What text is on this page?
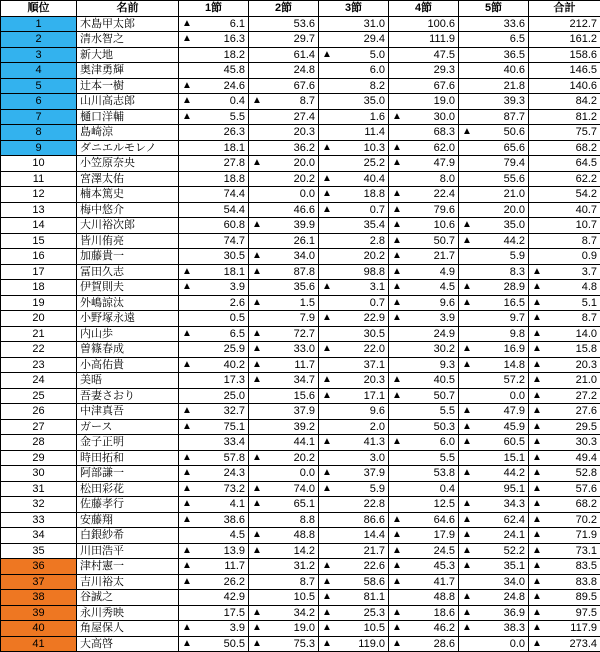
順位	名前	1節	2節	3節	4節	5節	合計
1	木島甲太郎	▲ 6.1	53.6	31.0	100.6	33.6	212.7
2	清水智之	▲ 16.3	29.7	29.4	111.9	6.5	161.2
3	新大地	18.2	61.4	▲ 5.0	47.5	36.5	158.6
4	奥津勇輝	45.8	24.8	6.0	29.3	40.6	146.5
5	辻本一樹	▲ 24.6	67.6	8.2	67.6	21.8	140.6
6	山川高志郎	▲ 0.4	▲ 8.7	35.0	19.0	39.3	84.2
7	樋口洋輔	▲ 5.5	27.4	1.6	▲ 30.0	87.7	81.2
8	島崎涼	26.3	20.3	11.4	68.3	▲ 50.6	75.7
9	ダニエルモレノ	18.1	36.2	▲ 10.3	▲ 62.0	65.6	68.2
10	小笠原奈央	27.8	▲ 20.0	25.2	▲ 47.9	79.4	64.5
11	宮澤太佑	18.8	20.2	▲ 40.4	8.0	55.6	62.2
12	楠本篤史	74.4	0.0	▲ 18.8	▲ 22.4	21.0	54.2
13	梅中悠介	54.4	46.6	▲ 0.7	▲ 79.6	20.0	40.7
14	大川裕次郎	60.8	▲ 39.9	35.4	▲ 10.6	▲ 35.0	10.7
15	皆川侑亮	74.7	26.1	2.8	▲ 50.7	▲ 44.2	8.7
16	加藤貴一	30.5	▲ 34.0	20.2	▲ 21.7	5.9	0.9
17	冨田久志	▲ 18.1	▲ 87.8	98.8	▲ 4.9	8.3	▲ 3.7
18	伊賀則夫	▲ 3.9	35.6	▲ 3.1	▲ 4.5	▲ 28.9	▲ 4.8
19	外嶋諒汰	2.6	▲ 1.5	0.7	▲ 9.6	▲ 16.5	▲ 5.1
20	小野塚永遠	0.5	7.9	▲ 22.9	▲ 3.9	9.7	▲ 8.7
21	内山歩	▲ 6.5	▲ 72.7	30.5	24.9	9.8	▲ 14.0
22	曽篠春成	25.9	▲ 33.0	▲ 22.0	30.2	▲ 16.9	▲ 15.8
23	小高佑貴	▲ 40.2	▲ 11.7	37.1	9.3	▲ 14.8	▲ 20.3
24	美晤	17.3	▲ 34.7	▲ 20.3	▲ 40.5	57.2	▲ 21.0
25	吾妻さおり	25.0	15.6	▲ 17.1	▲ 50.7	0.0	▲ 27.2
26	中津真吾	▲ 32.7	37.9	9.6	5.5	▲ 47.9	▲ 27.6
27	ガース	▲ 75.1	39.2	2.0	50.3	▲ 45.9	▲ 29.5
28	金子正明	33.4	44.1	▲ 41.3	▲ 6.0	▲ 60.5	▲ 30.3
29	時田拓和	▲ 57.8	▲ 20.2	3.0	5.5	15.1	▲ 49.4
30	阿部謙一	▲ 24.3	0.0	▲ 37.9	53.8	▲ 44.2	▲ 52.8
31	松田彩花	▲ 73.2	▲ 74.0	▲ 5.9	0.4	95.1	▲ 57.6
32	佐藤孝行	▲ 4.1	▲ 65.1	22.8	12.5	▲ 34.3	▲ 68.2
33	安藤翔	▲ 38.6	8.8	86.6	▲ 64.6	▲ 62.4	▲ 70.2
34	白銀紗希	4.5	▲ 48.8	14.4	▲ 17.9	▲ 24.1	▲ 71.9
35	川田浩平	▲ 13.9	▲ 14.2	21.7	▲ 24.5	▲ 52.2	▲ 73.1
36	津村憲一	▲ 11.7	31.2	▲ 22.6	▲ 45.3	▲ 35.1	▲ 83.5
37	吉川裕太	▲ 26.2	8.7	▲ 58.6	▲ 41.7	34.0	▲ 83.8
38	谷誠之	42.9	10.5	▲ 81.1	48.8	▲ 24.8	▲ 89.5
39	永川秀映	17.5	▲ 34.2	▲ 25.3	▲ 18.6	▲ 36.9	▲ 97.5
40	角屋保人	▲ 3.9	▲ 19.0	▲ 10.5	▲ 46.2	▲ 38.3	▲ 117.9
41	大高啓	▲ 50.5	▲ 75.3	▲ 119.0	▲ 28.6	0.0	▲ 273.4
